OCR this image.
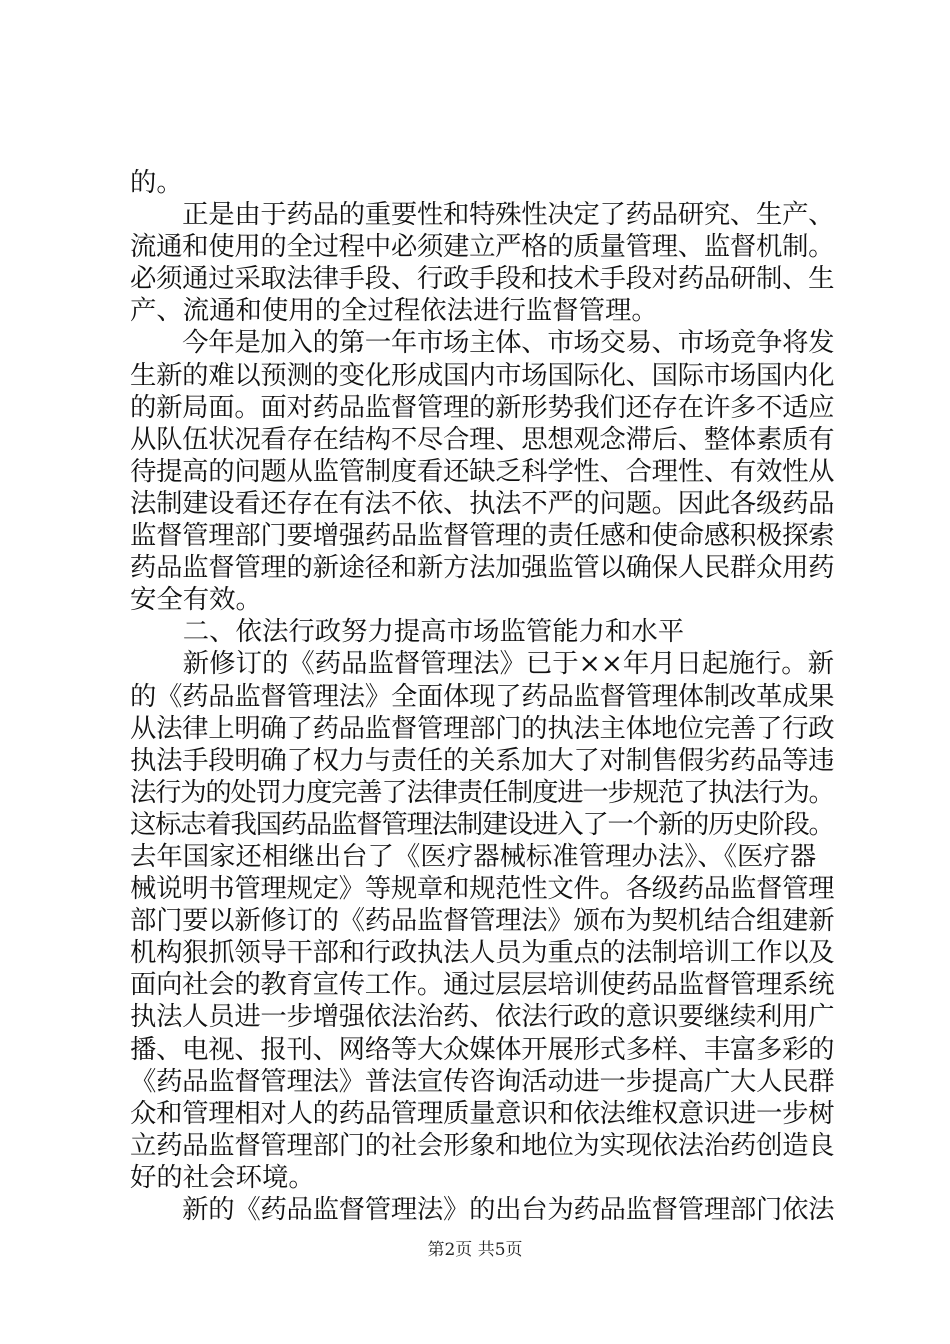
的。
　　正是由于药品的重要性和特殊性决定了药品研究、生产、
流通和使用的全过程中必须建立严格的质量管理、监督机制。
必须通过采取法律手段、行政手段和技术手段对药品研制、生
产、流通和使用的全过程依法进行监督管理。
　　今年是加入的第一年市场主体、市场交易、市场竞争将发
生新的难以预测的变化形成国内市场国际化、国际市场国内化
的新局面。面对药品监督管理的新形势我们还存在许多不适应
从队伍状况看存在结构不尽合理、思想观念滞后、整体素质有
待提高的问题从监管制度看还缺乏科学性、合理性、有效性从
法制建设看还存在有法不依、执法不严的问题。因此各级药品
监督管理部门要增强药品监督管理的责任感和使命感积极探索
药品监督管理的新途径和新方法加强监管以确保人民群众用药
安全有效。
　　二、依法行政努力提高市场监管能力和水平
　　新修订的《药品监督管理法》已于××年月日起施行。新
的《药品监督管理法》全面体现了药品监督管理体制改革成果
从法律上明确了药品监督管理部门的执法主体地位完善了行政
执法手段明确了权力与责任的关系加大了对制售假劣药品等违
法行为的处罚力度完善了法律责任制度进一步规范了执法行为。
这标志着我国药品监督管理法制建设进入了一个新的历史阶段。
去年国家还相继出台了《医疗器械标准管理办法》、《医疗器
械说明书管理规定》等规章和规范性文件。各级药品监督管理
部门要以新修订的《药品监督管理法》颁布为契机结合组建新
机构狠抓领导干部和行政执法人员为重点的法制培训工作以及
面向社会的教育宣传工作。通过层层培训使药品监督管理系统
执法人员进一步增强依法治药、依法行政的意识要继续利用广
播、电视、报刊、网络等大众媒体开展形式多样、丰富多彩的
《药品监督管理法》普法宣传咨询活动进一步提高广大人民群
众和管理相对人的药品管理质量意识和依法维权意识进一步树
立药品监督管理部门的社会形象和地位为实现依法治药创造良
好的社会环境。
　　新的《药品监督管理法》的出台为药品监督管理部门依法
第2页 共5页
